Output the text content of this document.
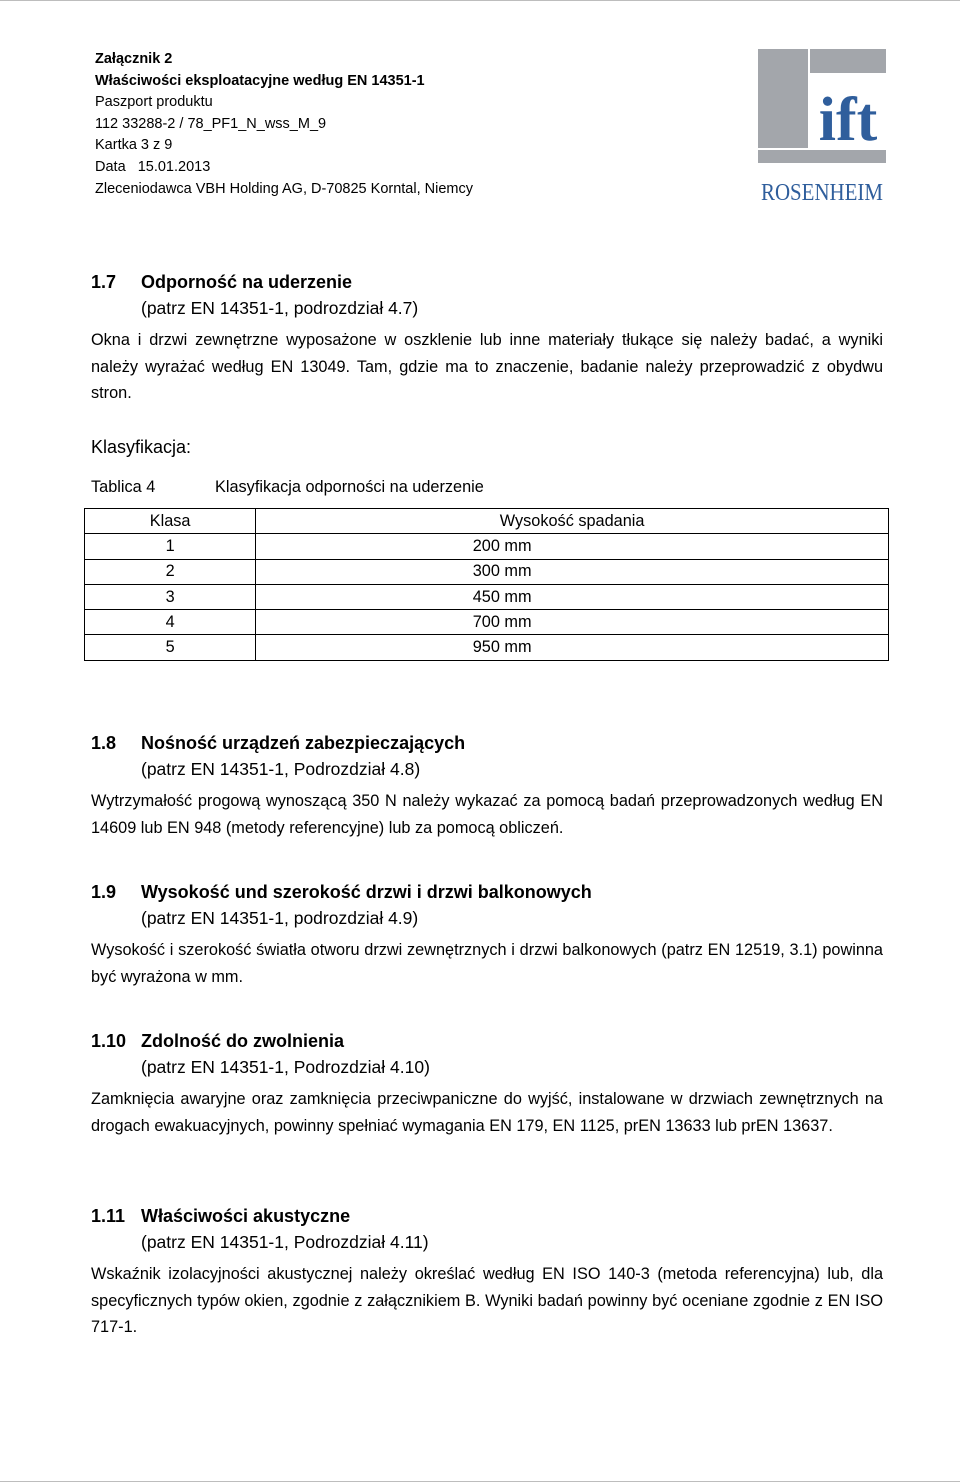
Załącznik 2
Właściwości eksploatacyjne według EN 14351-1
Paszport produktu
112 33288-2 / 78_PF1_N_wss_M_9
Kartka 3 z 9
Data   15.01.2013
Zleceniodawca VBH Holding AG, D-70825 Korntal, Niemcy
ift
ROSENHEIM
1.7 Odporność na uderzenie
(patrz EN 14351-1, podrozdział 4.7)
Okna i drzwi zewnętrzne wyposażone w oszklenie lub inne materiały tłukące się należy badać, a wyniki należy wyrażać według EN 13049. Tam, gdzie ma to znaczenie, badanie należy przeprowadzić z obydwu stron.
Klasyfikacja:
Tablica 4	Klasyfikacja odporności na uderzenie
Klasa	Wysokość spadania
1	200 mm
2	300 mm
3	450 mm
4	700 mm
5	950 mm
1.8 Nośność urządzeń zabezpieczających
(patrz EN 14351-1, Podrozdział 4.8)
Wytrzymałość progową wynoszącą 350 N należy wykazać za pomocą badań przeprowadzonych według EN 14609 lub EN 948 (metody referencyjne) lub za pomocą obliczeń.
1.9 Wysokość und szerokość drzwi i drzwi balkonowych
(patrz EN 14351-1, podrozdział 4.9)
Wysokość i szerokość światła otworu drzwi zewnętrznych i drzwi balkonowych (patrz EN 12519, 3.1) powinna być wyrażona w mm.
1.10 Zdolność do zwolnienia
(patrz EN 14351-1, Podrozdział 4.10)
Zamknięcia awaryjne oraz zamknięcia przeciwpaniczne do wyjść, instalowane w drzwiach zewnętrznych na drogach ewakuacyjnych, powinny spełniać wymagania EN 179, EN 1125, prEN 13633 lub prEN 13637.
1.11 Właściwości akustyczne
(patrz EN 14351-1, Podrozdział 4.11)
Wskaźnik izolacyjności akustycznej należy określać według EN ISO 140-3 (metoda referencyjna) lub, dla specyficznych typów okien, zgodnie z załącznikiem B. Wyniki badań powinny być oceniane zgodnie z EN ISO 717-1.
